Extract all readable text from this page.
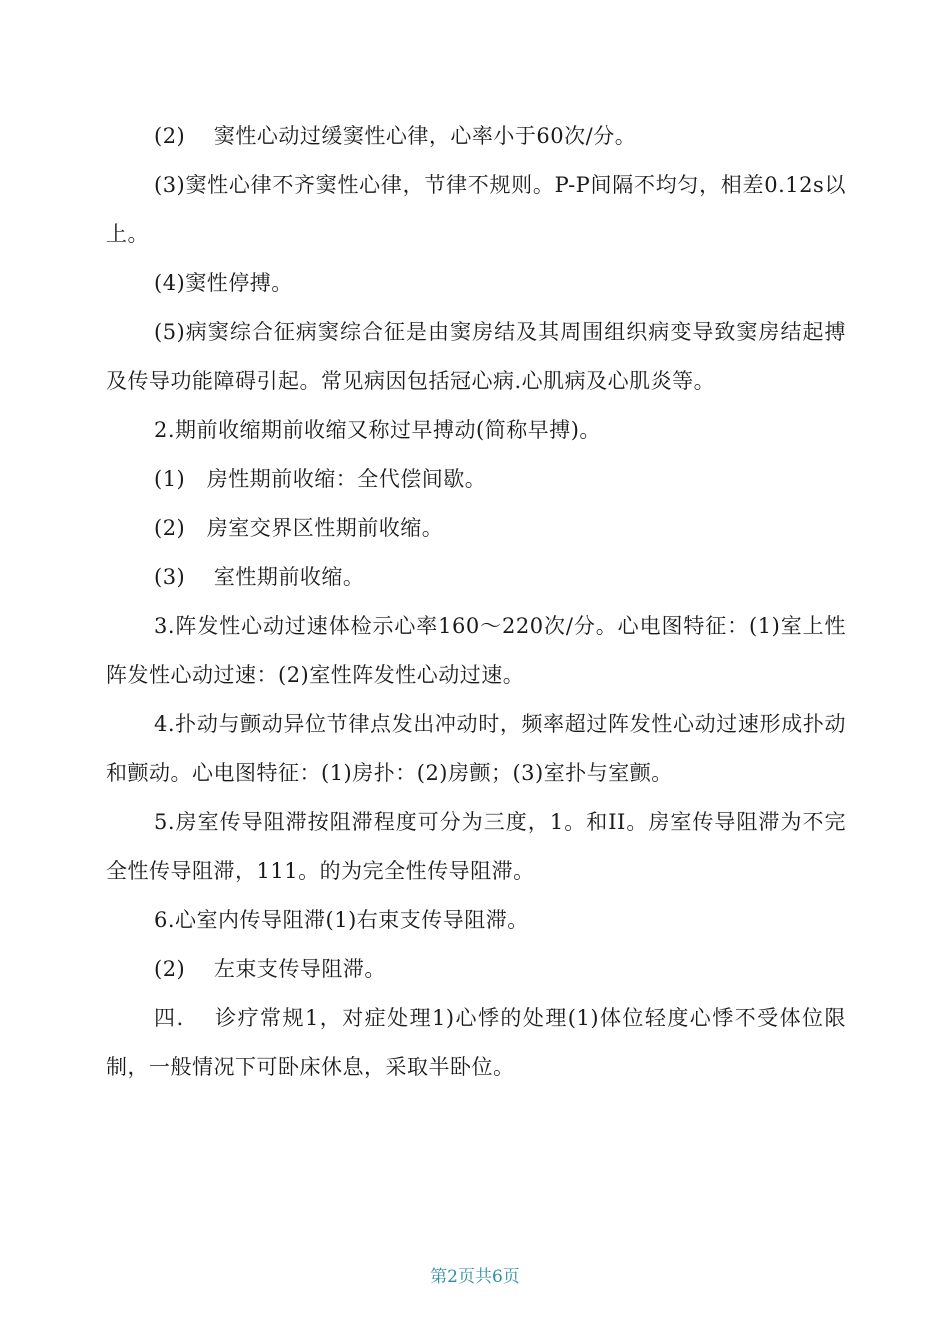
(2)　 窦性心动过缓窦性心律，心率小于60次/分。

(3)窦性心律不齐窦性心律，节律不规则。P-P间隔不均匀，相差0.12s以上。

(4)窦性停搏。

(5)病窦综合征病窦综合征是由窦房结及其周围组织病变导致窦房结起搏及传导功能障碍引起。常见病因包括冠心病.心肌病及心肌炎等。

2.期前收缩期前收缩又称过早搏动(简称早搏)。

(1)　房性期前收缩：全代偿间歇。

(2)　房室交界区性期前收缩。

(3)　 室性期前收缩。

3.阵发性心动过速体检示心率160〜220次/分。心电图特征：(1)室上性阵发性心动过速：(2)室性阵发性心动过速。

4.扑动与颤动异位节律点发出冲动时，频率超过阵发性心动过速形成扑动和颤动。心电图特征：(1)房扑：(2)房颤；(3)室扑与室颤。

5.房室传导阻滞按阻滞程度可分为三度，1。和II。房室传导阻滞为不完全性传导阻滞，111。的为完全性传导阻滞。

6.心室内传导阻滞(1)右束支传导阻滞。

(2)　 左束支传导阻滞。

四.　 诊疗常规1，对症处理1)心悸的处理(1)体位轻度心悸不受体位限制，一般情况下可卧床休息，采取半卧位。

第2页共6页
